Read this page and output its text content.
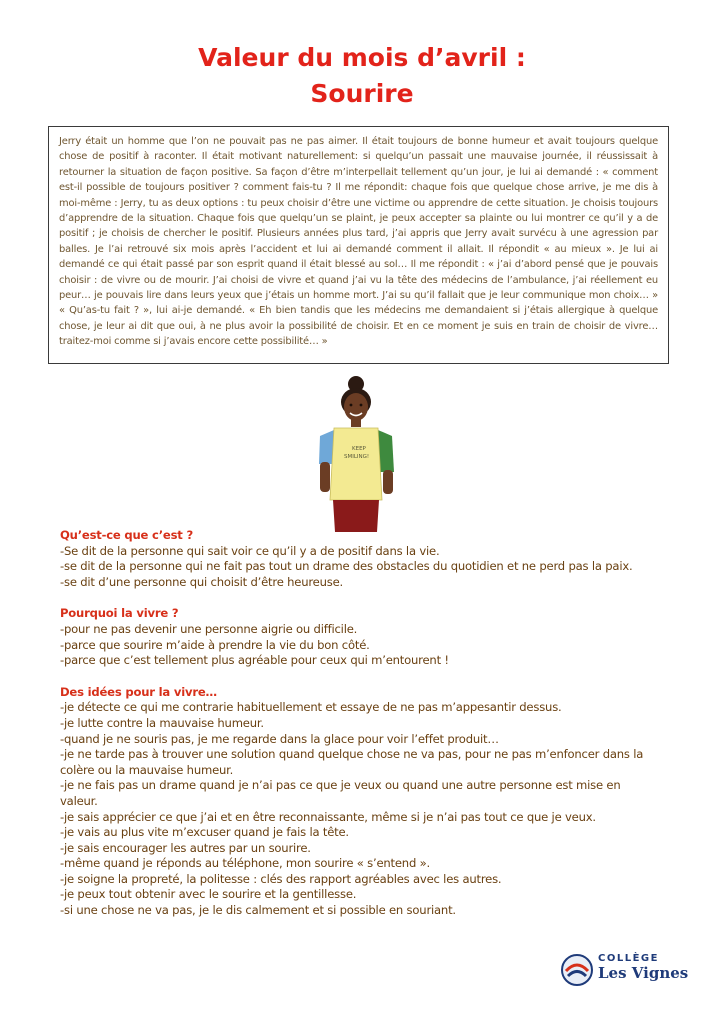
Valeur du mois d’avril :
Sourire
Jerry était un homme que l’on ne pouvait pas ne pas aimer. Il était toujours de bonne humeur et avait toujours quelque chose de positif à raconter. Il était motivant naturellement: si quelqu’un passait une mauvaise journée, il réussissait à retourner la situation de façon positive. Sa façon d’être m’interpellait tellement qu’un jour, je lui ai demandé : « comment est-il possible de toujours positiver ? comment fais-tu ? Il me répondit: chaque fois que quelque chose arrive, je me dis à moi-même : Jerry, tu as deux options : tu peux choisir d’être une victime ou apprendre de cette situation. Je choisis toujours d’apprendre de la situation. Chaque fois que quelqu’un se plaint, je peux accepter sa plainte ou lui montrer ce qu’il y a de positif ; je choisis de chercher le positif. Plusieurs années plus tard, j’ai appris que Jerry avait survécu à une agression par balles. Je l’ai retrouvé six mois après l’accident et lui ai demandé comment il allait. Il répondit « au mieux ». Je lui ai demandé ce qui était passé par son esprit quand il était blessé au sol… Il me répondit : « j’ai d’abord pensé que je pouvais choisir : de vivre ou de mourir. J’ai choisi de vivre et quand j’ai vu la tête des médecins de l’ambulance, j’ai réellement eu peur… je pouvais lire dans leurs yeux que j’étais un homme mort. J’ai su qu’il fallait que je leur communique mon choix… » « Qu’as-tu fait ? », lui ai-je demandé. « Eh bien tandis que les médecins me demandaient si j’étais allergique à quelque chose, je leur ai dit que oui, à ne plus avoir la possibilité de choisir. Et en ce moment je suis en train de choisir de vivre… traitez-moi comme si j’avais encore cette possibilité… »
KEEP
SMILING!
Qu’est-ce que c’est ?

-Se dit de la personne qui sait voir ce qu’il y a de positif dans la vie.

-se dit de la personne qui ne fait pas tout un drame des obstacles du quotidien et ne perd pas la paix.

-se dit d’une personne qui choisit d’être heureuse.

Pourquoi la vivre ?

-pour ne pas devenir une personne aigrie ou difficile.

-parce que sourire m’aide à prendre la vie du bon côté.

-parce que c’est tellement plus agréable pour ceux qui m’entourent !

Des idées pour la vivre…

-je détecte ce qui me contrarie habituellement et essaye de ne pas m’appesantir dessus.

-je lutte contre la mauvaise humeur.

-quand je ne souris pas, je me regarde dans la glace pour voir l’effet produit…

-je ne tarde pas à trouver une solution quand quelque chose ne va pas, pour ne pas m’enfoncer dans la colère ou la mauvaise humeur.

-je ne fais pas un drame quand je n’ai pas ce que je veux ou quand une autre personne est mise en valeur.

-je sais apprécier ce que j’ai et en être reconnaissante, même si je n’ai pas tout ce que je veux.

-je vais au plus vite m’excuser quand je fais la tête.

-je sais encourager les autres par un sourire.

-même quand je réponds au téléphone, mon sourire « s’entend ».

-je soigne la propreté, la politesse : clés des rapport agréables avec les autres.

-je peux tout obtenir avec le sourire et la gentillesse.

-si une chose ne va pas, je le dis calmement et si possible en souriant.

COLLÈGE
Les Vignes
